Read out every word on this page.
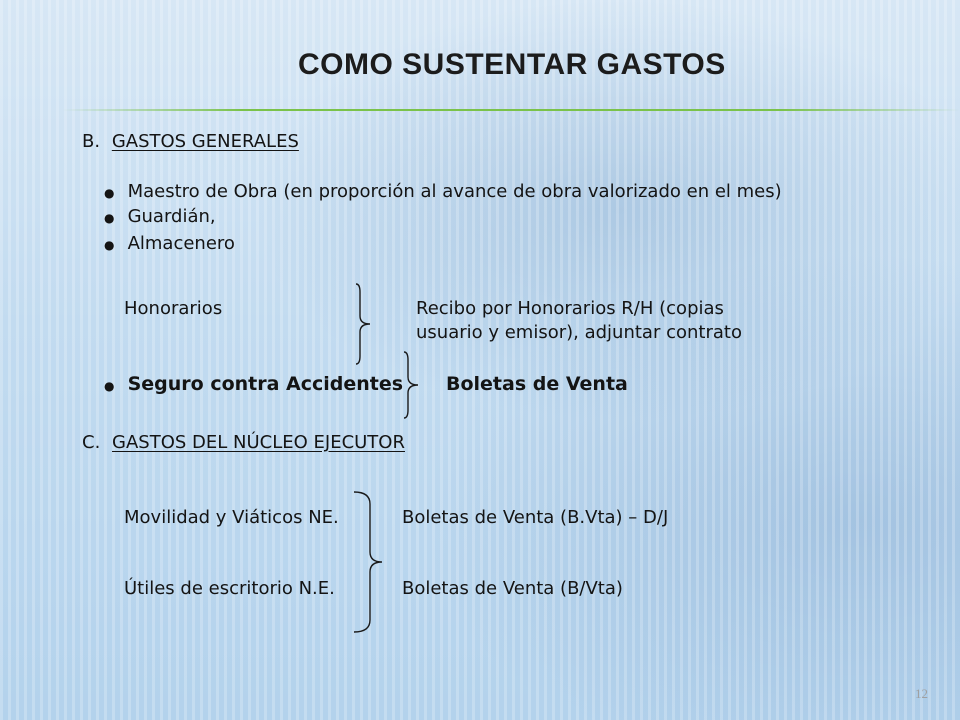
COMO SUSTENTAR GASTOS
B. GASTOS GENERALES
● Maestro de Obra (en proporción al avance de obra valorizado en el mes)
● Guardián,
● Almacenero
Honorarios	Recibo por Honorarios R/H (copias
usuario y emisor), adjuntar contrato
● Seguro contra Accidentes Boletas de Venta
C. GASTOS DEL NÚCLEO EJECUTOR
Movilidad y Viáticos NE.	Boletas de Venta (B.Vta) – D/J
Útiles de escritorio N.E.	Boletas de Venta (B/Vta)
12
